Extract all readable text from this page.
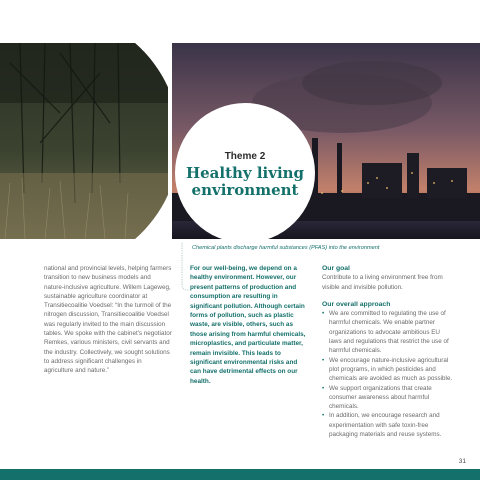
Theme 2
Healthy living environment
Chemical plants discharge harmful substances (PFAS) into the environment

national and provincial levels, helping farmers transition to new business models and nature-inclusive agriculture. Willem Lageweg, sustainable agriculture coordinator at Transitiecoalitie Voedsel: “In the turmoil of the nitrogen discussion, Transitiecoalitie Voedsel was regularly invited to the main discussion tables. We spoke with the cabinet's negotiator Remkes, various ministers, civil servants and the industry. Collectively, we sought solutions to address significant challenges in agriculture and nature.”

For our well-being, we depend on a healthy environment. However, our present patterns of production and consumption are resulting in significant pollution. Although certain forms of pollution, such as plastic waste, are visible, others, such as those arising from harmful chemicals, microplastics, and particulate matter, remain invisible. This leads to significant environmental risks and can have detrimental effects on our health.

Our goal

Contribute to a living environment free from visible and invisible pollution.

Our overall approach

• We are committed to regulating the use of harmful chemicals. We enable partner organizations to advocate ambitious EU laws and regulations that restrict the use of harmful chemicals.
• We encourage nature-inclusive agricultural plot programs, in which pesticides and chemicals are avoided as much as possible.
• We support organizations that create consumer awareness about harmful chemicals.
• In addition, we encourage research and experimentation with safe toxin-free packaging materials and reuse systems.
31
